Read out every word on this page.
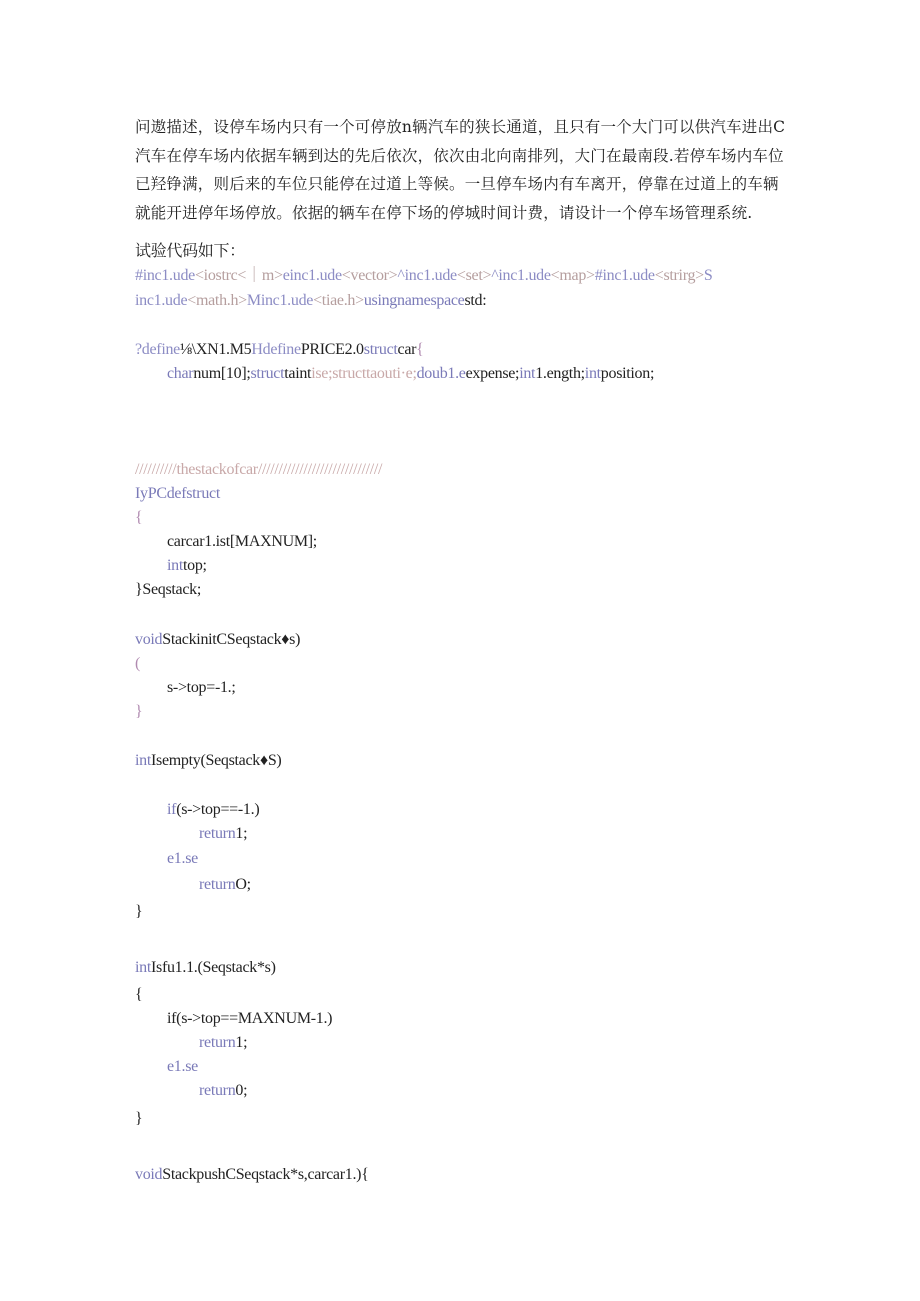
问遨描述，设停车场内只有一个可停放n辆汽车的狭长通道，且只有一个大门可以供汽车进出C汽车在停车场内依据车辆到达的先后依次，依次由北向南排列，大门在最南段.若停车场内车位已羟铮满，则后来的车位只能停在过道上等候。一旦停车场内有车离开，停靠在过道上的车辆就能开进停年场停放。依据的辆车在停下场的停城时间计费，请设计一个停车场管理系统.

试验代码如下：
#inc1.ude<iostrc<｜m>einc1.ude<vector>^inc1.ude<set>^inc1.ude<map>#inc1.ude<strirg>S
inc1.ude<math.h>Minc1.ude<tiae.h>usingnamespacestd:
?define⅛\XN1.M5HdefinePRICE2.0structcar{
charnum[10];structtaintise;structtaouti·e;doub1.eexpense;int1.ength;intposition;
//////////thestackofcar//////////////////////////////
IyPCdefstruct
{
carcar1.ist[MAXNUM];
inttop;
}Seqstack;
voidStackinitCSeqstack♦s)
(
s->top=-1.;
}
intIsempty(Seqstack♦S)
if(s->top==-1.)
return1;
e1.se
returnO;
}
intIsfu1.1.(Seqstack*s)
{
if(s->top==MAXNUM-1.)
return1;
e1.se
return0;
}
voidStackpushCSeqstack*s,carcar1.){
